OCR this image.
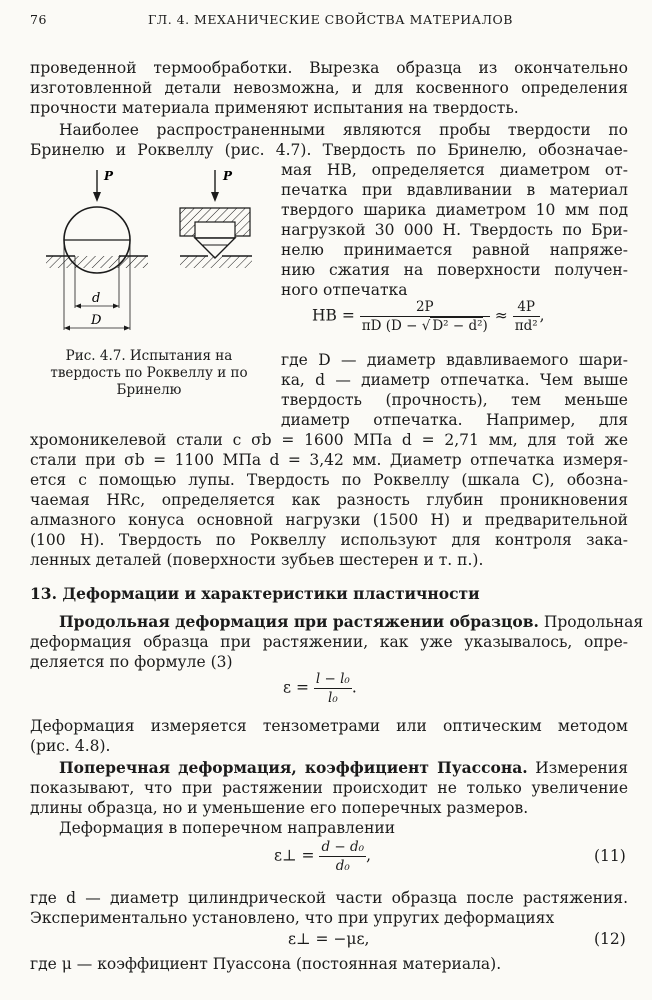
76	ГЛ. 4. МЕХАНИЧЕСКИЕ СВОЙСТВА МАТЕРИАЛОВ
проведенной термообработки. Вырезка образца из окончательно
изготовленной детали невозможна, и для косвенного определения
прочности материала применяют испытания на твердость.
Наиболее распространенными являются пробы твердости по
Бринелю и Роквеллу (рис. 4.7). Твердость по Бринелю, обозначае-
мая HB, определяется диаметром от-
печатка при вдавливании в материал
твердого шарика диаметром 10 мм под
нагрузкой 30 000 Н. Твердость по Бри-
нелю принимается равной напряже-
нию сжатия на поверхности получен-
ного отпечатка
HB = $\frac{2P}{\text{πD (D − √ D² − d²)}} \approx \frac{4P}{\text{πd²}}$ ,
где D — диаметр вдавливаемого шари-
ка, d — диаметр отпечатка. Чем выше
твердость (прочность), тем меньше
диаметр отпечатка. Например, для
хромоникелевой стали с σb = 1600 МПа d = 2,71 мм, для той же
стали при σb = 1100 МПа d = 3,42 мм. Диаметр отпечатка измеря-
ется с помощью лупы. Твердость по Роквеллу (шкала C), обозна-
чаемая HRc, определяется как разность глубин проникновения
алмазного конуса основной нагрузки (1500 Н) и предварительной
(100 Н). Твердость по Роквеллу используют для контроля зака-
ленных деталей (поверхности зубьев шестерен и т. п.).
P
d
D
P
Рис. 4.7. Испытания на
твердость по Роквеллу и по
Бринелю
13. Деформации и характеристики пластичности
Продольная деформация при растяжении образцов. Продольная
деформация образца при растяжении, как уже указывалось, опре-
деляется по формуле (3)
$\varepsilon = \frac{\text{l − l₀}}{\text{l₀}}$ .
Деформация измеряется тензометрами или оптическим методом
(рис. 4.8).
Поперечная деформация, коэффициент Пуассона. Измерения
показывают, что при растяжении происходит не только увеличение
длины образца, но и уменьшение его поперечных размеров.
Деформация в поперечном направлении
ε⊥ = $\frac{\text{d − d₀}}{\text{d₀}}$ ,	(11)
где d — диаметр цилиндрической части образца после растяжения.
Экспериментально установлено, что при упругих деформациях
ε⊥ = −με,	(12)
где μ — коэффициент Пуассона (постоянная материала).
